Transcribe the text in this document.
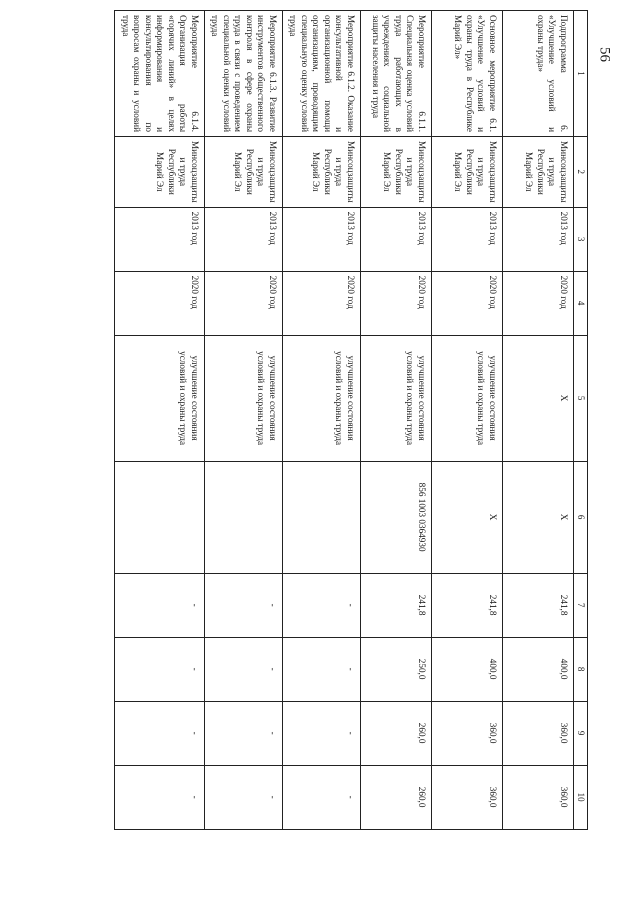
56
1	2	3	4	5	6	7	8	9	10
Подпрограмма 6. «Улучшение условий и охраны труда»	Минсоцзащиты и труда Республики Марий Эл	2013 год	2020 год	Х	Х	241,8	400,0	360,0	360,0
Основное мероприятие 6.1. «Улучшение условий и охраны труда в Республике Марий Эл»	Минсоцзащиты и труда Республики Марий Эл	2013 год	2020 год	улучшение состояния условий и охраны труда	Х	241,8	400,0	360,0	360,0
Мероприятие 6.1.1. Специальная оценка условий труда работающих в учреждениях социальной защиты населения и труда	Минсоцзащиты и труда Республики Марий Эл	2013 год	2020 год	улучшение состояния условий и охраны труда	856 1003 0364930	241,8	250,0	260,0	260,0
Мероприятие 6.1.2. Оказание консультативной и организационной помощи организациям, проводящим специальную оценку условий труда	Минсоцзащиты и труда Республики Марий Эл	2013 год	2020 год	улучшение состояния условий и охраны труда		-	-	-	-
Мероприятие 6.1.3. Развитие инструментов общественного контроля в сфере охраны труда в связи с проведением специальной оценки условий труда	Минсоцзащиты и труда Республики Марий Эл	2013 год	2020 год	улучшение состояния условий и охраны труда		-	-	-	-
Мероприятие 6.1.4. Организация работы «горячих линий» в целях информирования и консультирования по вопросам охраны и условий труда	Минсоцзащиты и труда Республики Марий Эл	2013 год	2020 год	улучшение состояния условий и охраны труда		-	-	-	-
